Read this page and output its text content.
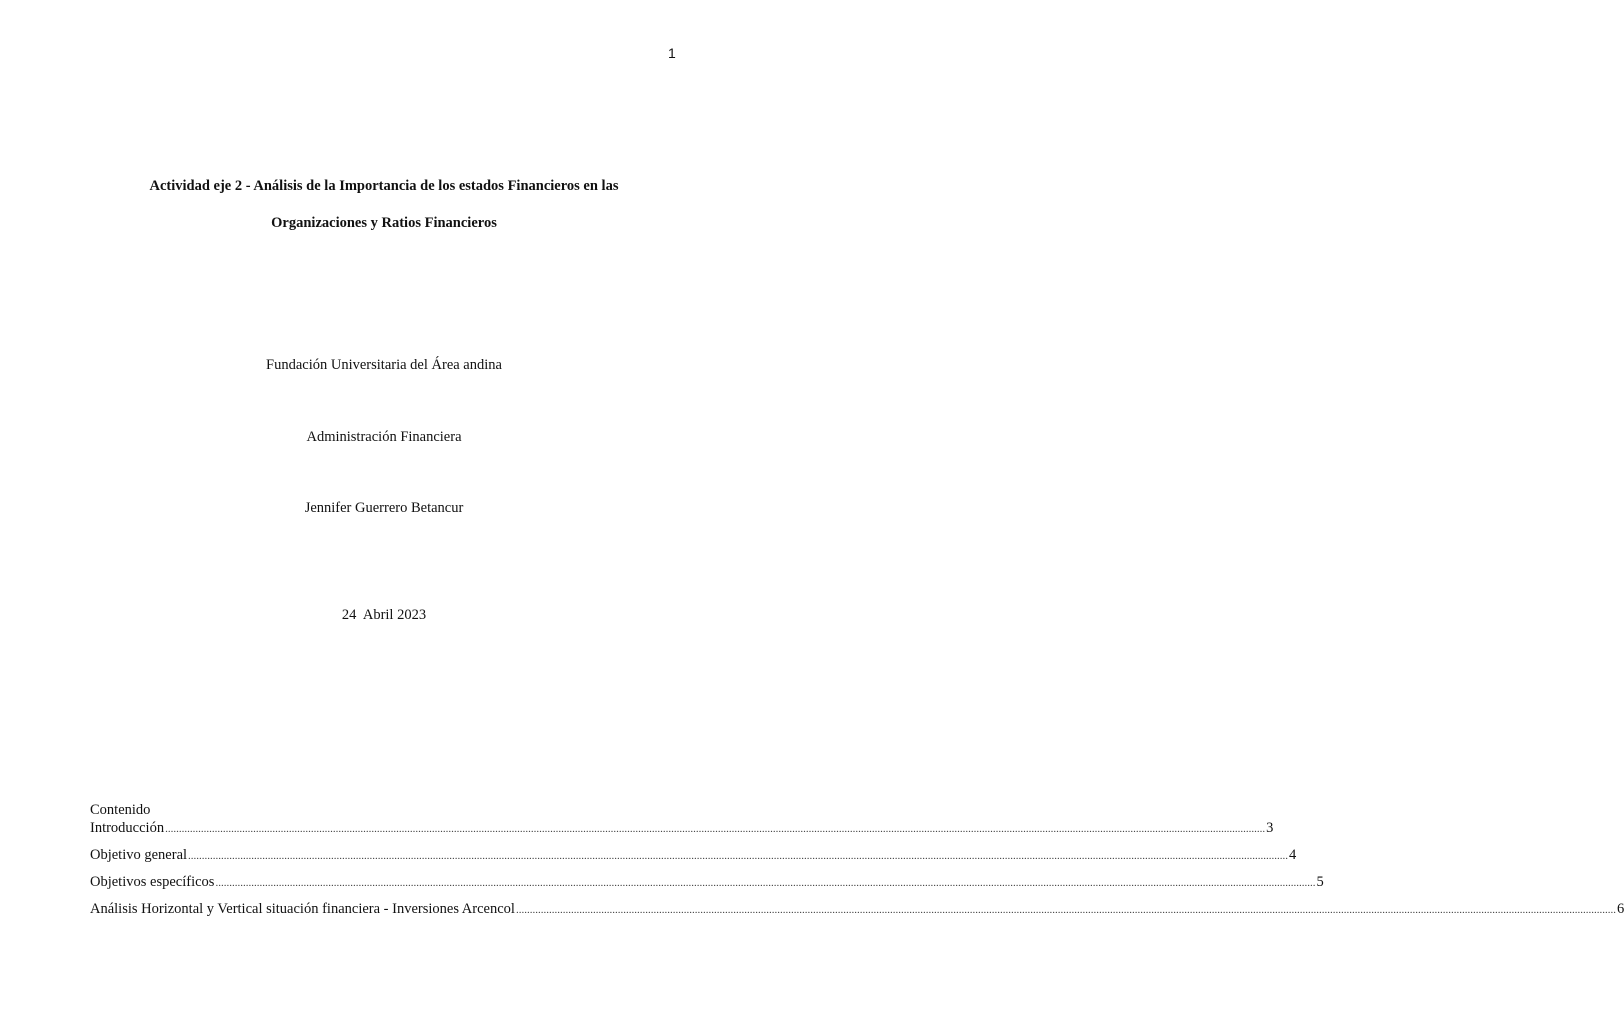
1
Actividad eje 2 - Análisis de la Importancia de los estados Financieros en las
Organizaciones y Ratios Financieros
Fundación Universitaria del Área andina
Administración Financiera
Jennifer Guerrero Betancur
24  Abril 2023
Contenido
Introducción ................................................................................................................................................................................................................................................................................................................................................................................................................ 3
Objetivo general ................................................................................................................................................................................................................................................................................................................................................................................................................ 4
Objetivos específicos ................................................................................................................................................................................................................................................................................................................................................................................................................ 5
Análisis Horizontal y Vertical situación financiera - Inversiones Arcencol ................................................................................................................................................................................................................................................................................................................................................................................................................ 6
